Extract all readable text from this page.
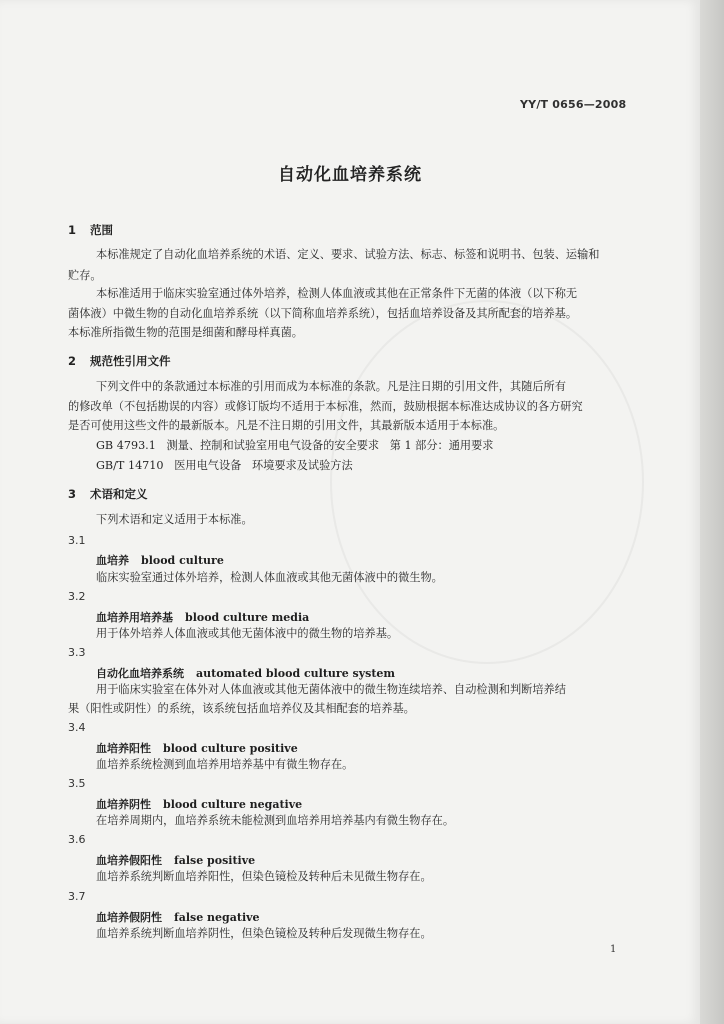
YY/T 0656—2008
自动化血培养系统
1 范围
本标准规定了自动化血培养系统的术语、定义、要求、试验方法、标志、标签和说明书、包装、运输和
贮存。
本标准适用于临床实验室通过体外培养，检测人体血液或其他在正常条件下无菌的体液（以下称无
菌体液）中微生物的自动化血培养系统（以下简称血培养系统），包括血培养设备及其所配套的培养基。
本标准所指微生物的范围是细菌和酵母样真菌。
2 规范性引用文件
下列文件中的条款通过本标准的引用而成为本标准的条款。凡是注日期的引用文件，其随后所有
的修改单（不包括勘误的内容）或修订版均不适用于本标准，然而，鼓励根据本标准达成协议的各方研究
是否可使用这些文件的最新版本。凡是不注日期的引用文件，其最新版本适用于本标准。
GB 4793.1   测量、控制和试验室用电气设备的安全要求   第 1 部分：通用要求
GB/T 14710   医用电气设备   环境要求及试验方法
3 术语和定义
下列术语和定义适用于本标准。
3.1
血培养 blood culture
临床实验室通过体外培养，检测人体血液或其他无菌体液中的微生物。
3.2
血培养用培养基 blood culture media
用于体外培养人体血液或其他无菌体液中的微生物的培养基。
3.3
自动化血培养系统 automated blood culture system
用于临床实验室在体外对人体血液或其他无菌体液中的微生物连续培养、自动检测和判断培养结
果（阳性或阴性）的系统，该系统包括血培养仪及其相配套的培养基。
3.4
血培养阳性 blood culture positive
血培养系统检测到血培养用培养基中有微生物存在。
3.5
血培养阴性 blood culture negative
在培养周期内，血培养系统未能检测到血培养用培养基内有微生物存在。
3.6
血培养假阳性 false positive
血培养系统判断血培养阳性，但染色镜检及转种后未见微生物存在。
3.7
血培养假阴性 false negative
血培养系统判断血培养阴性，但染色镜检及转种后发现微生物存在。
1
